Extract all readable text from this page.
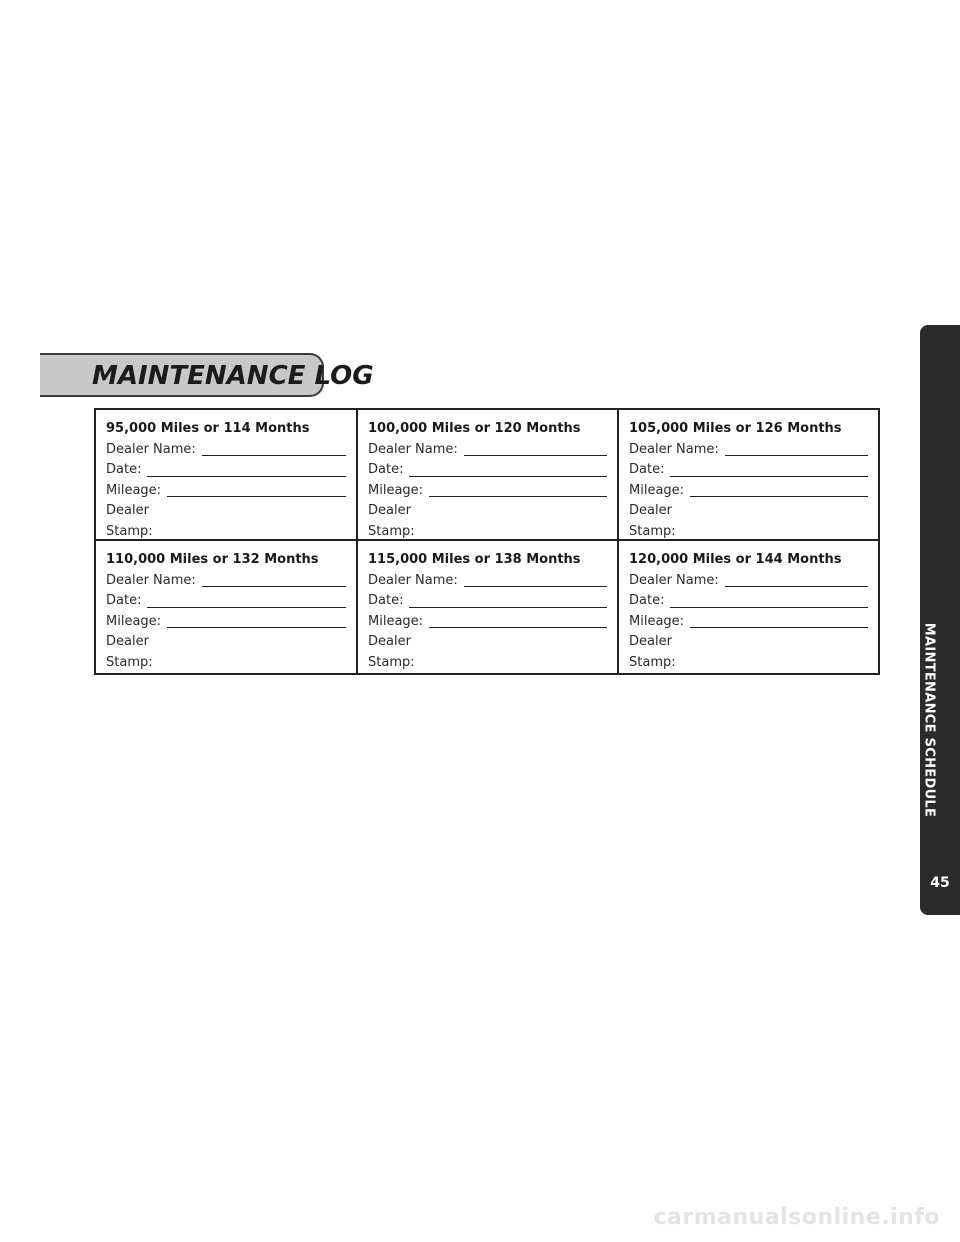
MAINTENANCE LOG
95,000 Miles or 114 Months
Dealer Name:
Date:
Mileage:
Dealer
Stamp:
100,000 Miles or 120 Months
Dealer Name:
Date:
Mileage:
Dealer
Stamp:
105,000 Miles or 126 Months
Dealer Name:
Date:
Mileage:
Dealer
Stamp:
110,000 Miles or 132 Months
Dealer Name:
Date:
Mileage:
Dealer
Stamp:
115,000 Miles or 138 Months
Dealer Name:
Date:
Mileage:
Dealer
Stamp:
120,000 Miles or 144 Months
Dealer Name:
Date:
Mileage:
Dealer
Stamp:	MAINTENANCE SCHEDULE
45
carmanualsonline.info
